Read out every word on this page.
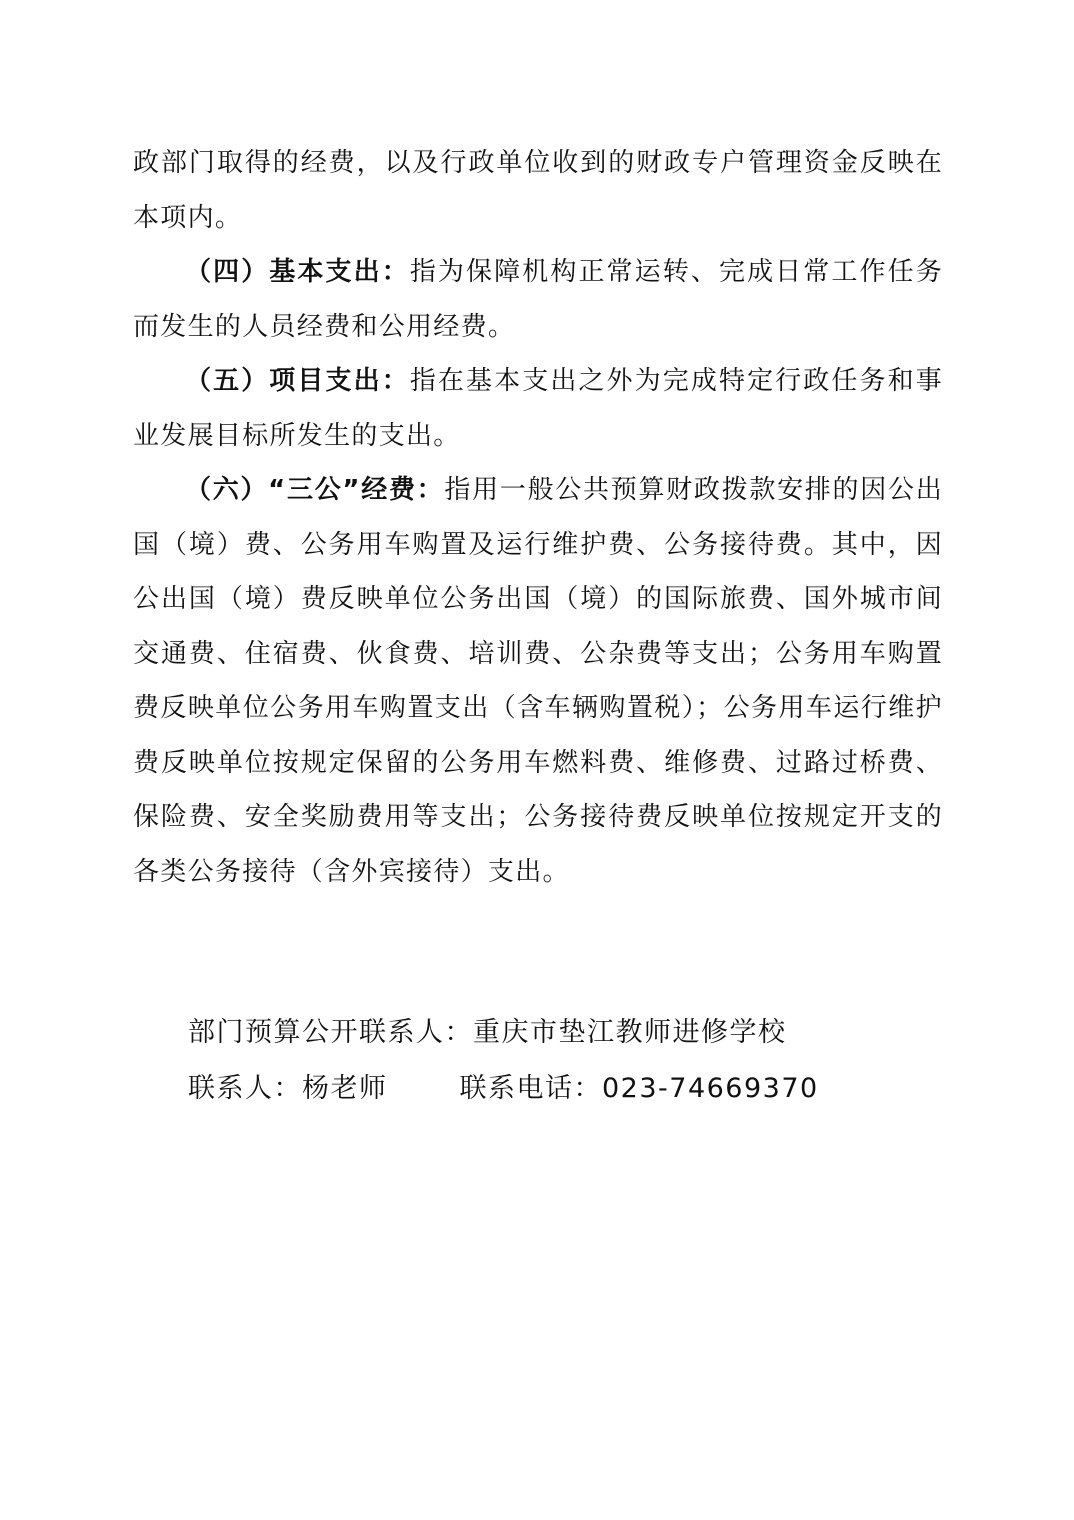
政部门取得的经费，以及行政单位收到的财政专户管理资金反映在本项内。

（四）基本支出：指为保障机构正常运转、完成日常工作任务而发生的人员经费和公用经费。

（五）项目支出：指在基本支出之外为完成特定行政任务和事业发展目标所发生的支出。

（六）“三公”经费：指用一般公共预算财政拨款安排的因公出国（境）费、公务用车购置及运行维护费、公务接待费。其中，因公出国（境）费反映单位公务出国（境）的国际旅费、国外城市间交通费、住宿费、伙食费、培训费、公杂费等支出；公务用车购置费反映单位公务用车购置支出（含车辆购置税）；公务用车运行维护费反映单位按规定保留的公务用车燃料费、维修费、过路过桥费、保险费、安全奖励费用等支出；公务接待费反映单位按规定开支的各类公务接待（含外宾接待）支出。

部门预算公开联系人：重庆市垫江教师进修学校
联系人：杨老师	联系电话：023-74669370
